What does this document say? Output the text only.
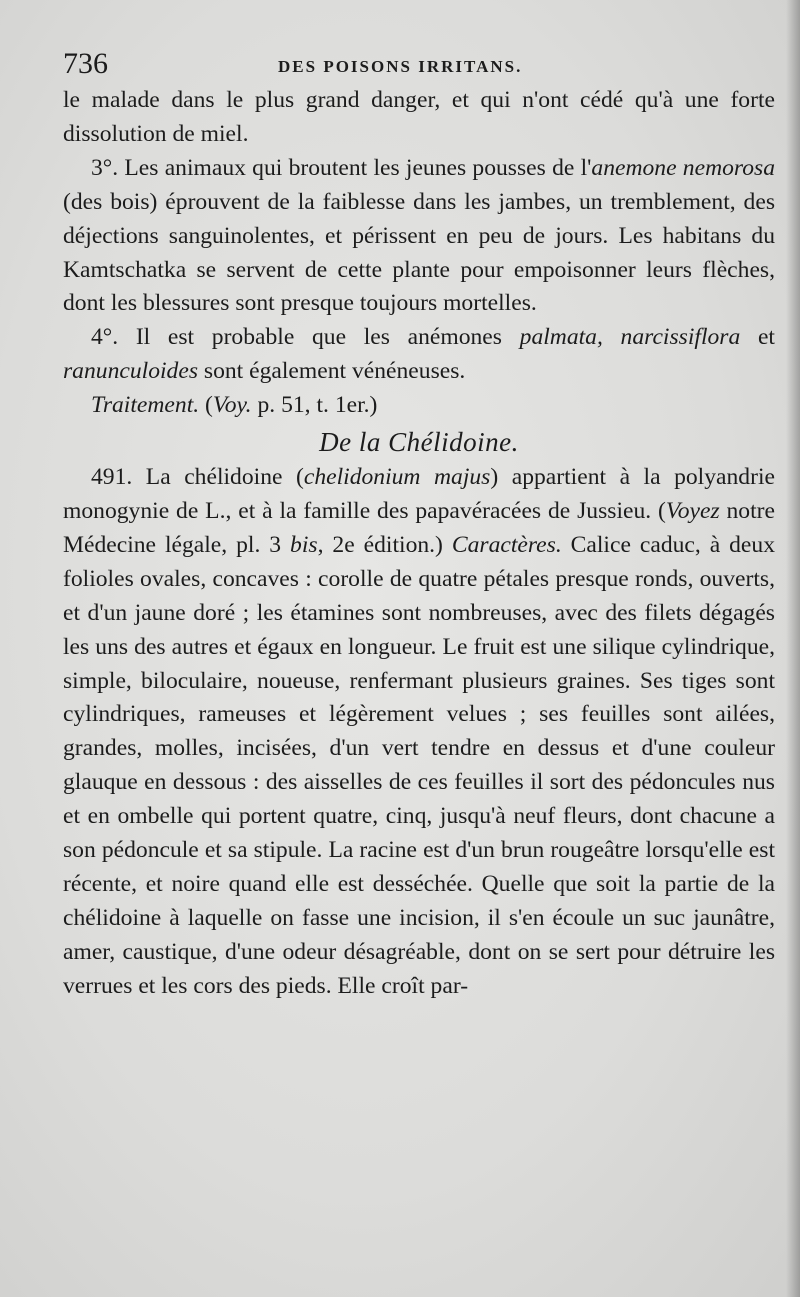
736	DES POISONS IRRITANS.

le malade dans le plus grand danger, et qui n'ont cédé qu'à une forte dissolution de miel.

3°. Les animaux qui broutent les jeunes pousses de l'anemone nemorosa (des bois) éprouvent de la faiblesse dans les jambes, un tremblement, des déjections sanguinolentes, et périssent en peu de jours. Les habitans du Kamtschatka se servent de cette plante pour empoisonner leurs flèches, dont les blessures sont presque toujours mortelles.

4°. Il est probable que les anémones palmata, narcissiflora et ranunculoides sont également vénéneuses.

Traitement. (Voy. p. 51, t. 1er.)

De la Chélidoine.

491. La chélidoine (chelidonium majus) appartient à la polyandrie monogynie de L., et à la famille des papavéracées de Jussieu. (Voyez notre Médecine légale, pl. 3 bis, 2e édition.) Caractères. Calice caduc, à deux folioles ovales, concaves : corolle de quatre pétales presque ronds, ouverts, et d'un jaune doré ; les étamines sont nombreuses, avec des filets dégagés les uns des autres et égaux en longueur. Le fruit est une silique cylindrique, simple, biloculaire, noueuse, renfermant plusieurs graines. Ses tiges sont cylindriques, rameuses et légèrement velues ; ses feuilles sont ailées, grandes, molles, incisées, d'un vert tendre en dessus et d'une couleur glauque en dessous : des aisselles de ces feuilles il sort des pédoncules nus et en ombelle qui portent quatre, cinq, jusqu'à neuf fleurs, dont chacune a son pédoncule et sa stipule. La racine est d'un brun rougeâtre lorsqu'elle est récente, et noire quand elle est desséchée. Quelle que soit la partie de la chélidoine à laquelle on fasse une incision, il s'en écoule un suc jaunâtre, amer, caustique, d'une odeur désagréable, dont on se sert pour détruire les verrues et les cors des pieds. Elle croît par-
